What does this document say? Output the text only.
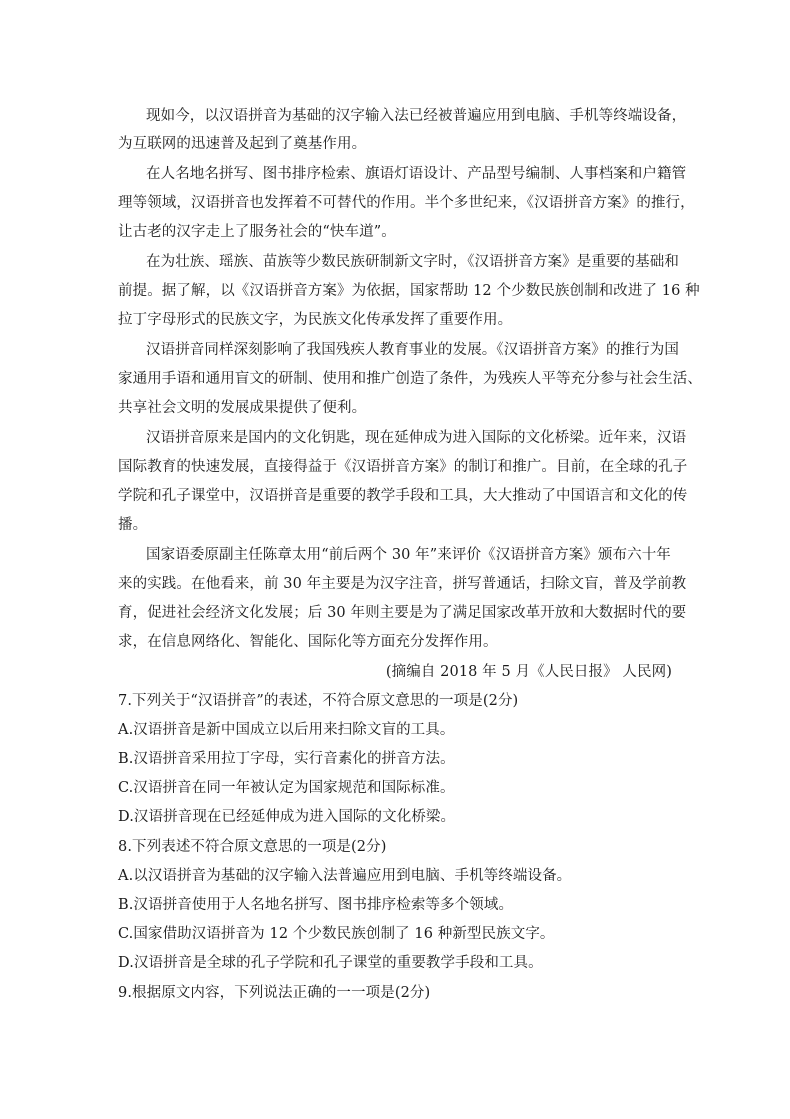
现如今，以汉语拼音为基础的汉字输入法已经被普遍应用到电脑、手机等终端设备，
为互联网的迅速普及起到了奠基作用。
在人名地名拼写、图书排序检索、旗语灯语设计、产品型号编制、人事档案和户籍管
理等领域，汉语拼音也发挥着不可替代的作用。半个多世纪来，《汉语拼音方案》的推行，
让古老的汉字走上了服务社会的“快车道”。
在为壮族、瑶族、苗族等少数民族研制新文字时，《汉语拼音方案》是重要的基础和
前提。据了解，以《汉语拼音方案》为依据，国家帮助 12 个少数民族创制和改进了 16 种
拉丁字母形式的民族文字，为民族文化传承发挥了重要作用。
汉语拼音同样深刻影响了我国残疾人教育事业的发展。《汉语拼音方案》的推行为国
家通用手语和通用盲文的研制、使用和推广创造了条件，为残疾人平等充分参与社会生活、
共享社会文明的发展成果提供了便利。
汉语拼音原来是国内的文化钥匙，现在延伸成为进入国际的文化桥梁。近年来，汉语
国际教育的快速发展，直接得益于《汉语拼音方案》的制订和推广。目前，在全球的孔子
学院和孔子课堂中，汉语拼音是重要的教学手段和工具，大大推动了中国语言和文化的传
播。
国家语委原副主任陈章太用“前后两个 30 年”来评价《汉语拼音方案》颁布六十年
来的实践。在他看来，前 30 年主要是为汉字注音，拼写普通话，扫除文盲，普及学前教
育，促进社会经济文化发展；后 30 年则主要是为了满足国家改革开放和大数据时代的要
求，在信息网络化、智能化、国际化等方面充分发挥作用。
(摘编自 2018 年 5 月《人民日报》 人民网)
7.下列关于“汉语拼音”的表述，不符合原文意思的一项是(2分)
A.汉语拼音是新中国成立以后用来扫除文盲的工具。
B.汉语拼音采用拉丁字母，实行音素化的拼音方法。
C.汉语拼音在同一年被认定为国家规范和国际标准。
D.汉语拼音现在已经延伸成为进入国际的文化桥梁。
8.下列表述不符合原文意思的一项是(2分)
A.以汉语拼音为基础的汉字输入法普遍应用到电脑、手机等终端设备。
B.汉语拼音使用于人名地名拼写、图书排序检索等多个领域。
C.国家借助汉语拼音为 12 个少数民族创制了 16 种新型民族文字。
D.汉语拼音是全球的孔子学院和孔子课堂的重要教学手段和工具。
9.根据原文内容，下列说法正确的一一项是(2分)
